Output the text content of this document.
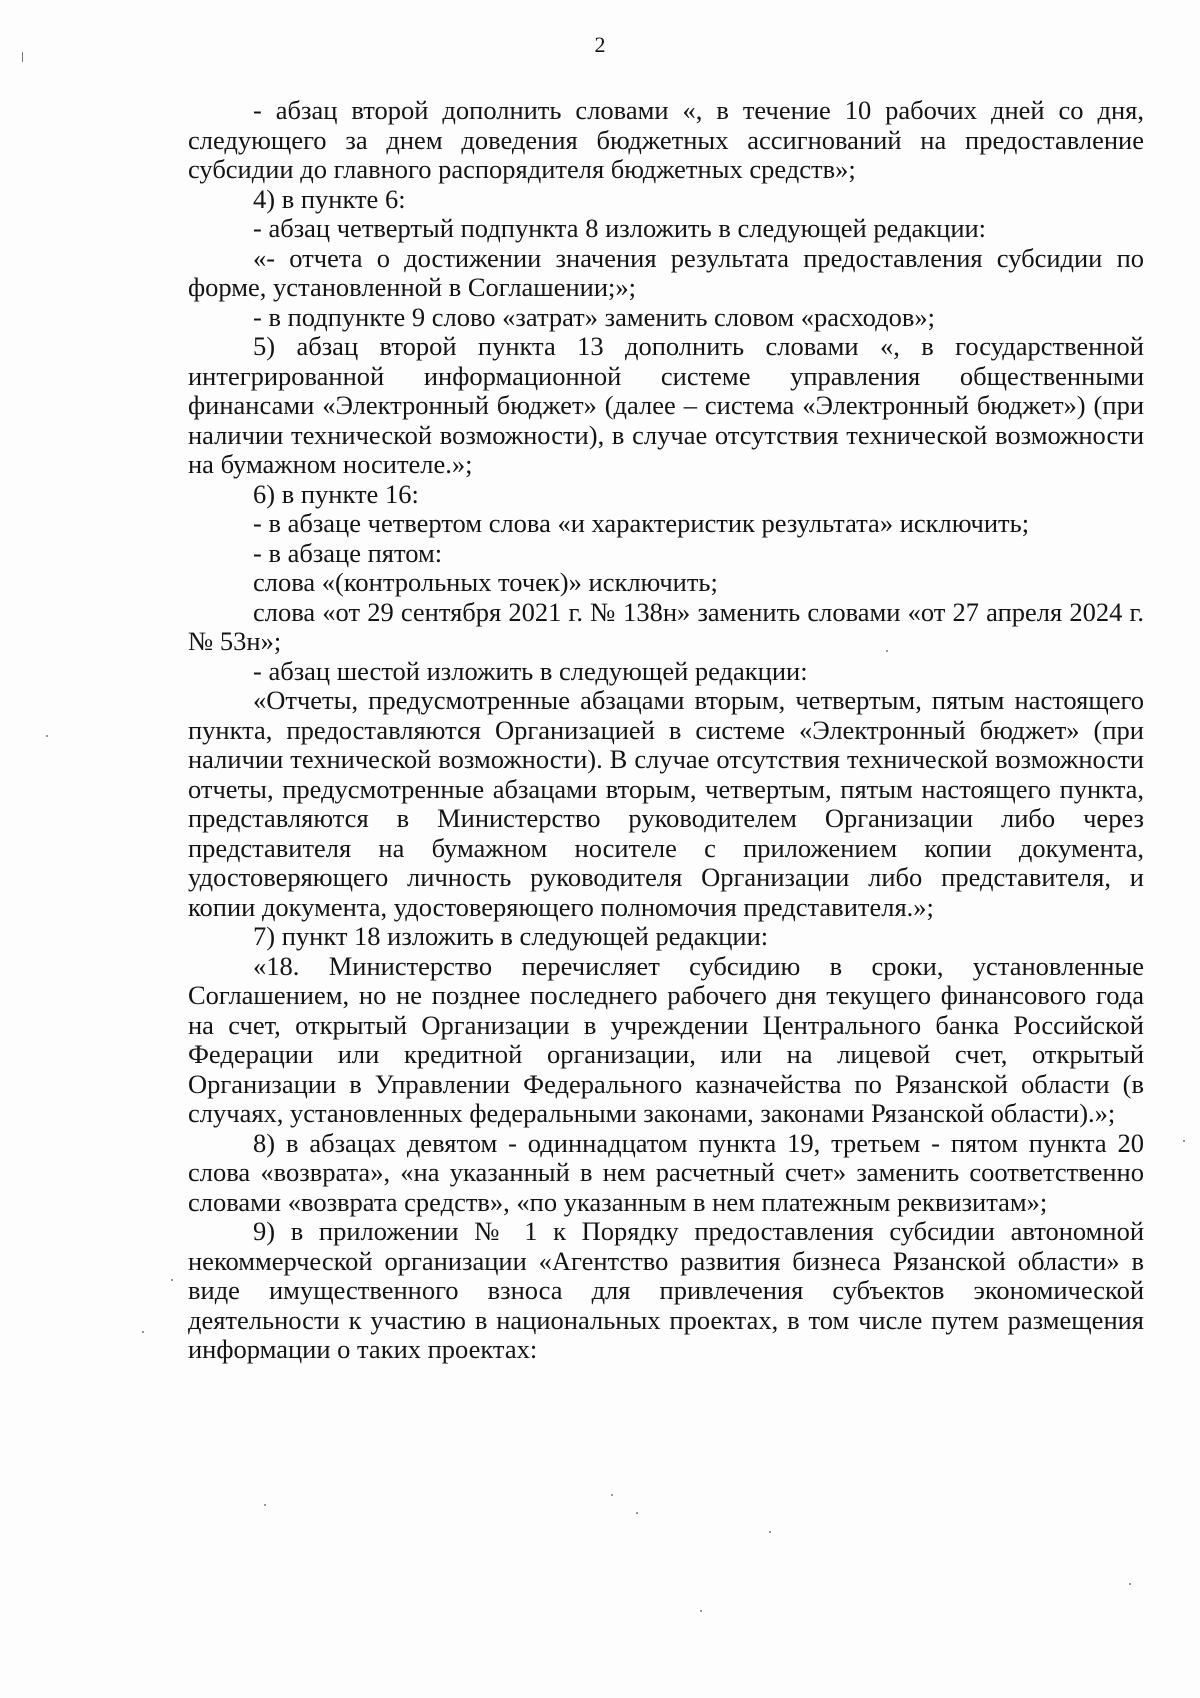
2

- абзац второй дополнить словами «, в течение 10 рабочих дней со дня, следующего за днем доведения бюджетных ассигнований на предоставление субсидии до главного распорядителя бюджетных средств»;

4) в пункте 6:

- абзац четвертый подпункта 8 изложить в следующей редакции:

«- отчета о достижении значения результата предоставления субсидии по форме, установленной в Соглашении;»;

- в подпункте 9 слово «затрат» заменить словом «расходов»;

5) абзац второй пункта 13 дополнить словами «, в государственной интегрированной информационной системе управления общественными финансами «Электронный бюджет» (далее – система «Электронный бюджет») (при наличии технической возможности), в случае отсутствия технической возможности на бумажном носителе.»;

6) в пункте 16:

- в абзаце четвертом слова «и характеристик результата» исключить;

- в абзаце пятом:

слова «(контрольных точек)» исключить;

слова «от 29 сентября 2021 г. № 138н» заменить словами «от 27 апреля 2024 г. № 53н»;

- абзац шестой изложить в следующей редакции:

«Отчеты, предусмотренные абзацами вторым, четвертым, пятым настоящего пункта, предоставляются Организацией в системе «Электронный бюджет» (при наличии технической возможности). В случае отсутствия технической возможности отчеты, предусмотренные абзацами вторым, четвертым, пятым настоящего пункта, представляются в Министерство руководителем Организации либо через представителя на бумажном носителе с приложением копии документа, удостоверяющего личность руководителя Организации либо представителя, и копии документа, удостоверяющего полномочия представителя.»;

7) пункт 18 изложить в следующей редакции:

«18. Министерство перечисляет субсидию в сроки, установленные Соглашением, но не позднее последнего рабочего дня текущего финансового года на счет, открытый Организации в учреждении Центрального банка Российской Федерации или кредитной организации, или на лицевой счет, открытый Организации в Управлении Федерального казначейства по Рязанской области (в случаях, установленных федеральными законами, законами Рязанской области).»;

8) в абзацах девятом - одиннадцатом пункта 19, третьем - пятом пункта 20 слова «возврата», «на указанный в нем расчетный счет» заменить соответственно словами «возврата средств», «по указанным в нем платежным реквизитам»;

9) в приложении № 1 к Порядку предоставления субсидии автономной некоммерческой организации «Агентство развития бизнеса Рязанской области» в виде имущественного взноса для привлечения субъектов экономической деятельности к участию в национальных проектах, в том числе путем размещения информации о таких проектах:
